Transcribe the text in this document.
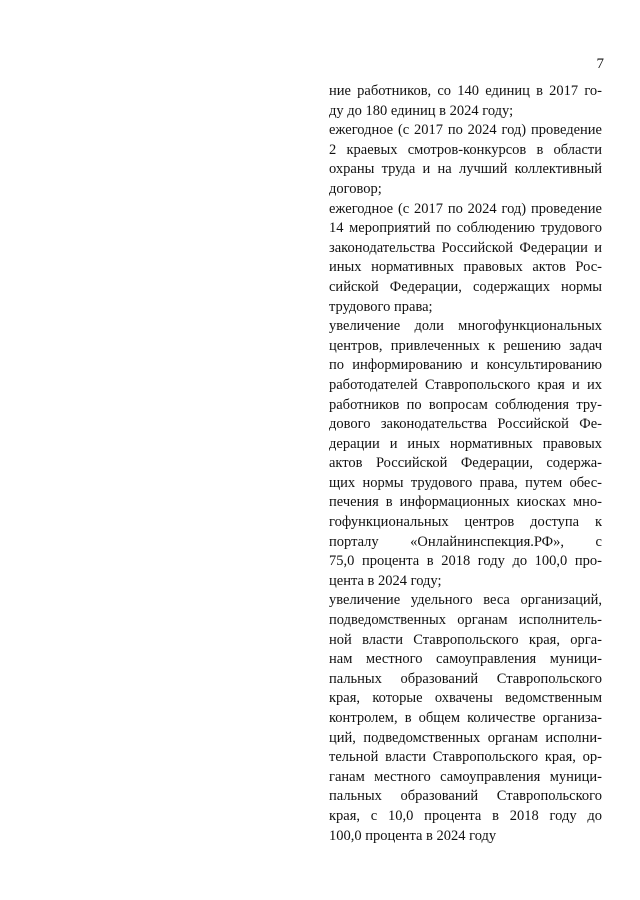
7
ние работников, со 140 единиц в 2017 го-
ду до 180 единиц в 2024 году;
ежегодное (с 2017 по 2024 год) проведение
2 краевых смотров-конкурсов в области
охраны труда и на лучший коллективный
договор;
ежегодное (с 2017 по 2024 год) проведение
14 мероприятий по соблюдению трудового
законодательства Российской Федерации и
иных нормативных правовых актов Рос-
сийской Федерации, содержащих нормы
трудового права;
увеличение доли многофункциональных
центров, привлеченных к решению задач
по информированию и консультированию
работодателей Ставропольского края и их
работников по вопросам соблюдения тру-
дового законодательства Российской Фе-
дерации и иных нормативных правовых
актов Российской Федерации, содержа-
щих нормы трудового права, путем обес-
печения в информационных киосках мно-
гофункциональных центров доступа к
порталу «Онлайнинспекция.РФ», с
75,0 процента в 2018 году до 100,0 про-
цента в 2024 году;
увеличение удельного веса организаций,
подведомственных органам исполнитель-
ной власти Ставропольского края, орга-
нам местного самоуправления муници-
пальных образований Ставропольского
края, которые охвачены ведомственным
контролем, в общем количестве организа-
ций, подведомственных органам исполни-
тельной власти Ставропольского края, ор-
ганам местного самоуправления муници-
пальных образований Ставропольского
края, с 10,0 процента в 2018 году до
100,0 процента в 2024 году
